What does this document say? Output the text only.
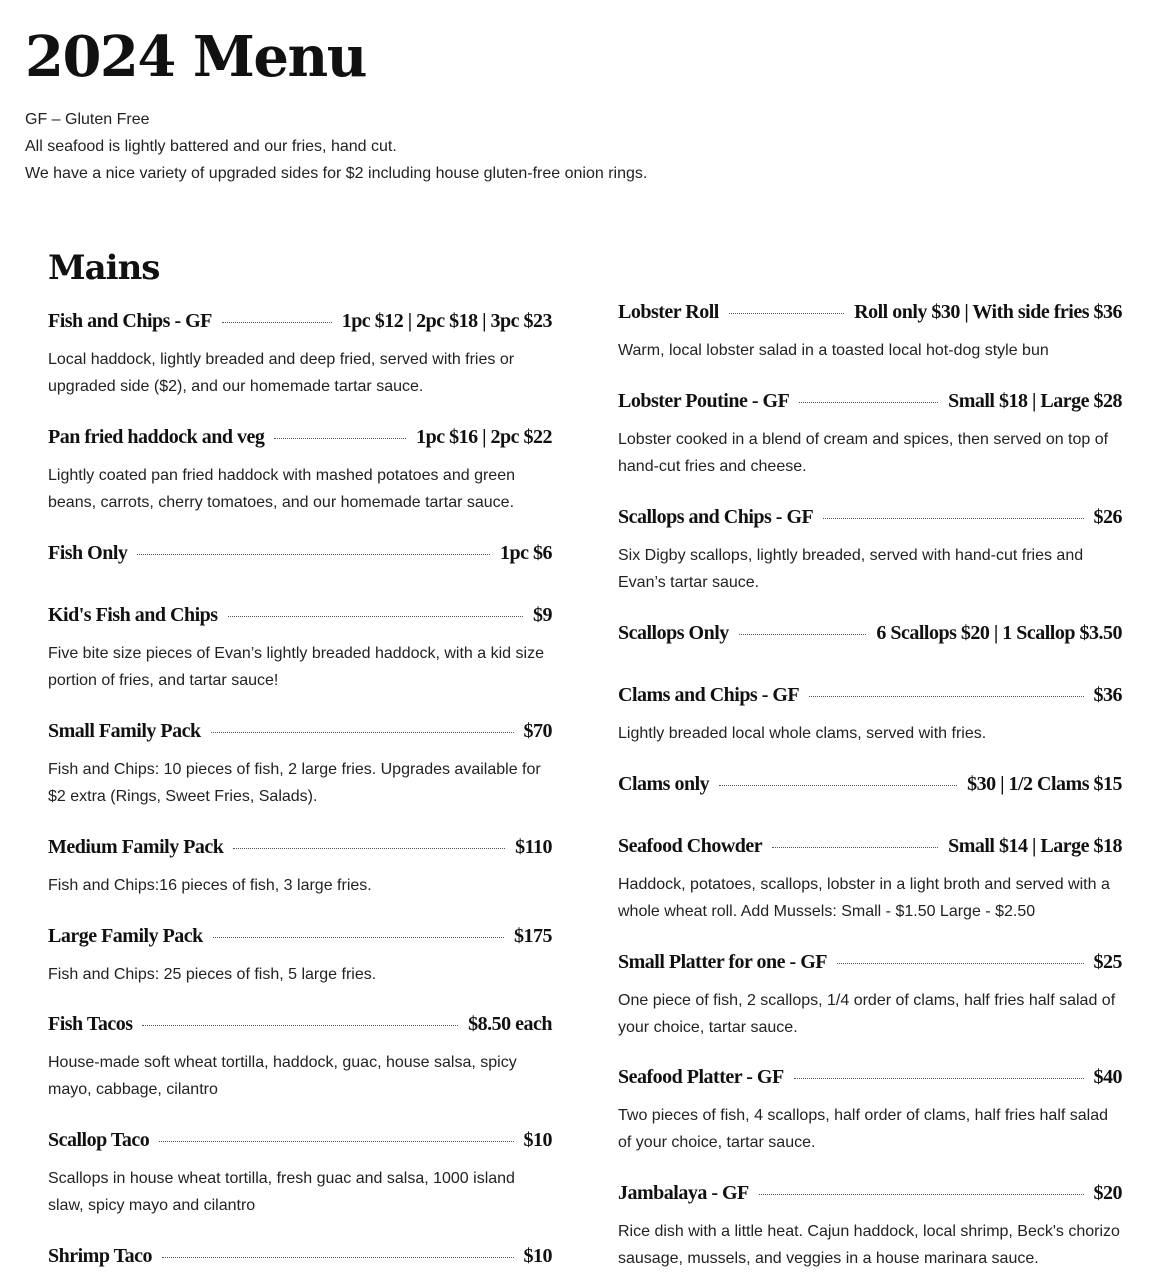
2024 Menu
GF – Gluten Free
All seafood is lightly battered and our fries, hand cut.
We have a nice variety of upgraded sides for $2 including house gluten-free onion rings.
Mains
Fish and Chips - GF	1pc $12 | 2pc $18 | 3pc $23
Local haddock, lightly breaded and deep fried, served with fries or upgraded side ($2), and our homemade tartar sauce.
Pan fried haddock and veg	1pc $16 | 2pc $22
Lightly coated pan fried haddock with mashed potatoes and green beans, carrots, cherry tomatoes, and our homemade tartar sauce.
Fish Only	1pc $6
Kid's Fish and Chips	$9
Five bite size pieces of Evan’s lightly breaded haddock, with a kid size portion of fries, and tartar sauce!
Small Family Pack	$70
Fish and Chips: 10 pieces of fish, 2 large fries. Upgrades available for $2 extra (Rings, Sweet Fries, Salads).
Medium Family Pack	$110
Fish and Chips:16 pieces of fish, 3 large fries.
Large Family Pack	$175
Fish and Chips: 25 pieces of fish, 5 large fries.
Fish Tacos	$8.50 each
House-made soft wheat tortilla, haddock, guac, house salsa, spicy mayo, cabbage, cilantro
Scallop Taco	$10
Scallops in house wheat tortilla, fresh guac and salsa, 1000 island slaw, spicy mayo and cilantro
Shrimp Taco	$10
Lobster Roll	Roll only $30 | With side fries $36
Warm, local lobster salad in a toasted local hot-dog style bun
Lobster Poutine - GF	Small $18 | Large $28
Lobster cooked in a blend of cream and spices, then served on top of hand-cut fries and cheese.
Scallops and Chips - GF	$26
Six Digby scallops, lightly breaded, served with hand-cut fries and Evan’s tartar sauce.
Scallops Only	6 Scallops $20 | 1 Scallop $3.50
Clams and Chips - GF	$36
Lightly breaded local whole clams, served with fries.
Clams only	$30 | 1/2 Clams $15
Seafood Chowder	Small $14 | Large $18
Haddock, potatoes, scallops, lobster in a light broth and served with a whole wheat roll. Add Mussels: Small - $1.50 Large - $2.50
Small Platter for one - GF	$25
One piece of fish, 2 scallops, 1/4 order of clams, half fries half salad of your choice, tartar sauce.
Seafood Platter - GF	$40
Two pieces of fish, 4 scallops, half order of clams, half fries half salad of your choice, tartar sauce.
Jambalaya - GF	$20
Rice dish with a little heat. Cajun haddock, local shrimp, Beck's chorizo sausage, mussels, and veggies in a house marinara sauce.
